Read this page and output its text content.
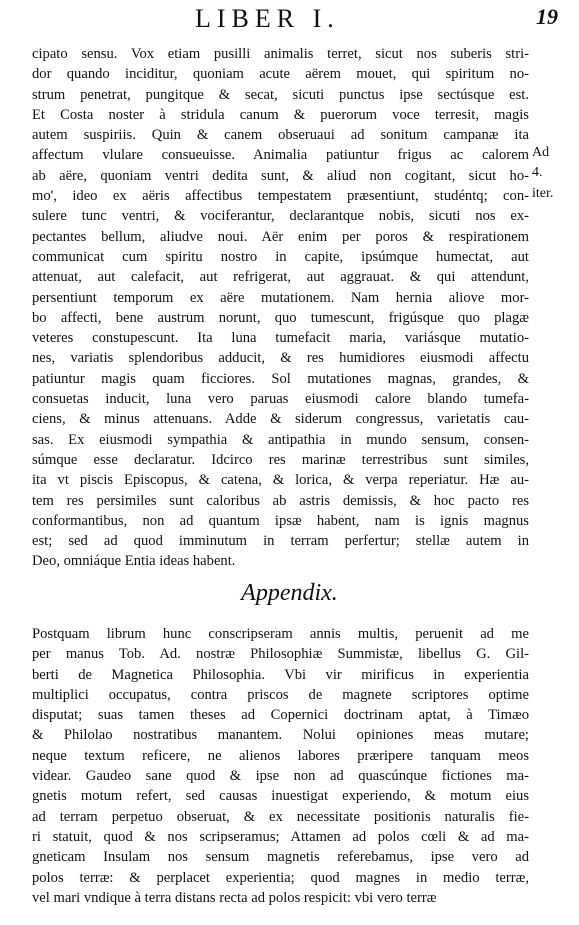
LIBER I.	19
cipato sensu. Vox etiam pusilli animalis terret, sicut nos suberis stri-
dor quando inciditur, quoniam acute aërem mouet, qui spiritum no-
strum penetrat, pungitque & secat, sicuti punctus ipse sectúsque est.
Et Costa noster à stridula canum & puerorum voce terresit, magis
autem suspiriis. Quin & canem obseruaui ad sonitum campanæ ita
affectum vlulare consueuisse. Animalia patiuntur frigus ac calorem
ab aëre, quoniam ventri dedita sunt, & aliud non cogitant, sicut ho-
mo', ideo ex aëris affectibus tempestatem præsentiunt, studéntq; con-
sulere tunc ventri, & vociferantur, declarantque nobis, sicuti nos ex-
pectantes bellum, aliudve noui. Aër enim per poros & respirationem
communicat cum spiritu nostro in capite, ipsúmque humectat, aut
attenuat, aut calefacit, aut refrigerat, aut aggrauat. & qui attendunt,
persentiunt temporum ex aëre mutationem. Nam hernia aliove mor-
bo affecti, bene austrum norunt, quo tumescunt, frigúsque quo plagæ
veteres constupescunt. Ita luna tumefacit maria, variásque mutatio-
nes, variatis splendoribus adducit, & res humidiores eiusmodi affectu
patiuntur magis quam ficciores. Sol mutationes magnas, grandes, &
consuetas inducit, luna vero paruas eiusmodi calore blando tumefa-
ciens, & minus attenuans. Adde & siderum congressus, varietatis cau-
sas. Ex eiusmodi sympathia & antipathia in mundo sensum, consen-
súmque esse declaratur. Idcirco res marinæ terrestribus sunt similes,
ita vt piscis Episcopus, & catena, & lorica, & verpa reperiatur. Hæ au-
tem res persimiles sunt caloribus ab astris demissis, & hoc pacto res
conformantibus, non ad quantum ipsæ habent, nam is ignis magnus
est; sed ad quod imminutum in terram perfertur; stellæ autem in
Deo, omniáque Entia ideas habent.
Ad
4.
iter.
Appendix.
Postquam librum hunc conscripseram annis multis, peruenit ad me
per manus Tob. Ad. nostræ Philosophiæ Summistæ, libellus G. Gil-
berti de Magnetica Philosophia. Vbi vir mirificus in experientia
multiplici occupatus, contra priscos de magnete scriptores optime
disputat; suas tamen theses ad Copernici doctrinam aptat, à Timæo
& Philolao nostratibus manantem. Nolui opiniones meas mutare;
neque textum reficere, ne alienos labores præripere tanquam meos
videar. Gaudeo sane quod & ipse non ad quascúnque fictiones ma-
gnetis motum refert, sed causas inuestigat experiendo, & motum eius
ad terram perpetuo obseruat, & ex necessitate positionis naturalis fie-
ri statuit, quod & nos scripseramus; Attamen ad polos cœli & ad ma-
gneticam Insulam nos sensum magnetis referebamus, ipse vero ad
polos terræ: & perplacet experientia; quod magnes in medio terræ,
vel mari vndique à terra distans recta ad polos respicit: vbi vero terræ
